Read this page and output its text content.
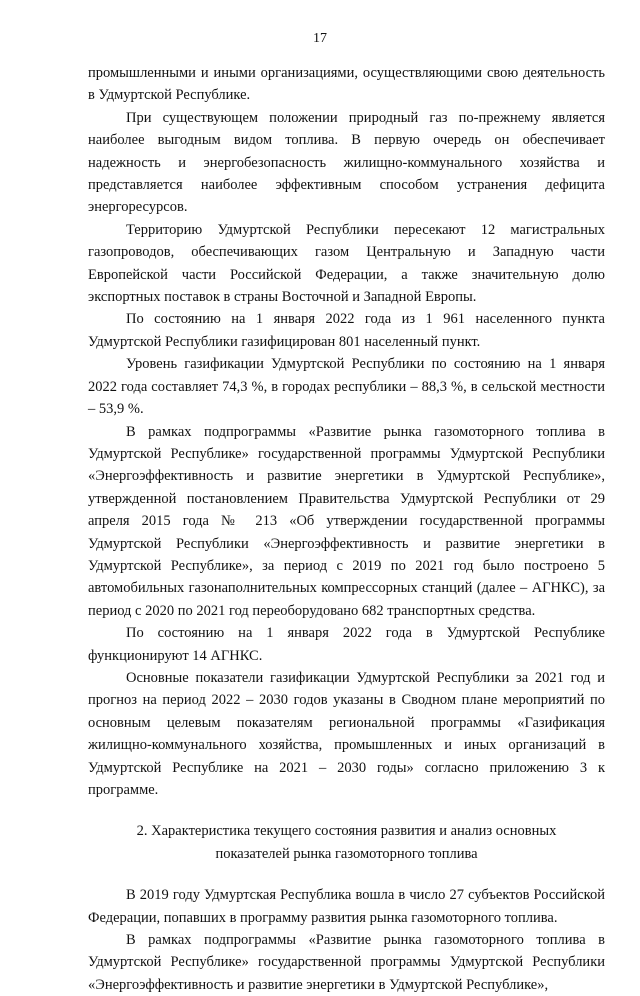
17

промышленными и иными организациями, осуществляющими свою деятельность в Удмуртской Республике.

При существующем положении природный газ по-прежнему является наиболее выгодным видом топлива. В первую очередь он обеспечивает надежность и энергобезопасность жилищно-коммунального хозяйства и представляется наиболее эффективным способом устранения дефицита энергоресурсов.

Территорию Удмуртской Республики пересекают 12 магистральных газопроводов, обеспечивающих газом Центральную и Западную части Европейской части Российской Федерации, а также значительную долю экспортных поставок в страны Восточной и Западной Европы.

По состоянию на 1 января 2022 года из 1 961 населенного пункта Удмуртской Республики газифицирован 801 населенный пункт.

Уровень газификации Удмуртской Республики по состоянию на 1 января 2022 года составляет 74,3 %, в городах республики – 88,3 %, в сельской местности – 53,9 %.

В рамках подпрограммы «Развитие рынка газомоторного топлива в Удмуртской Республике» государственной программы Удмуртской Республики «Энергоэффективность и развитие энергетики в Удмуртской Республике», утвержденной постановлением Правительства Удмуртской Республики от 29 апреля 2015 года № 213 «Об утверждении государственной программы Удмуртской Республики «Энергоэффективность и развитие энергетики в Удмуртской Республике», за период с 2019 по 2021 год было построено 5 автомобильных газонаполнительных компрессорных станций (далее – АГНКС), за период с 2020 по 2021 год переоборудовано 682 транспортных средства.

По состоянию на 1 января 2022 года в Удмуртской Республике функционируют 14 АГНКС.

Основные показатели газификации Удмуртской Республики за 2021 год и прогноз на период 2022 – 2030 годов указаны в Сводном плане мероприятий по основным целевым показателям региональной программы «Газификация жилищно-коммунального хозяйства, промышленных и иных организаций в Удмуртской Республике на 2021 – 2030 годы» согласно приложению 3 к программе.

2. Характеристика текущего состояния развития и анализ основных показателей рынка газомоторного топлива

В 2019 году Удмуртская Республика вошла в число 27 субъектов Российской Федерации, попавших в программу развития рынка газомоторного топлива.

В рамках подпрограммы «Развитие рынка газомоторного топлива в Удмуртской Республике» государственной программы Удмуртской Республики «Энергоэффективность и развитие энергетики в Удмуртской Республике»,
